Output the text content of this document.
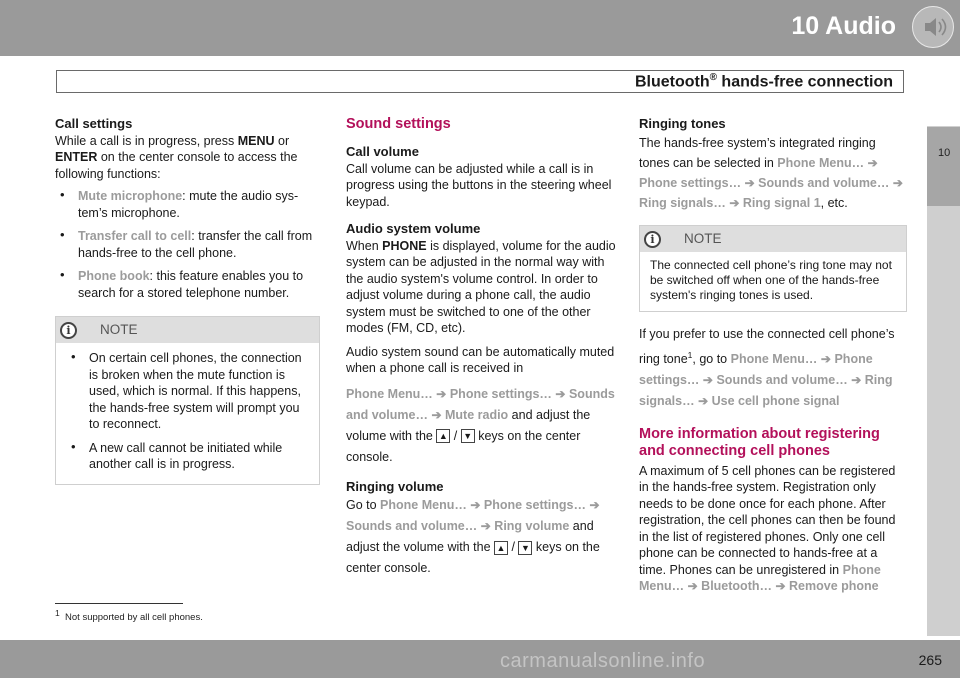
10 Audio
Bluetooth® hands-free connection
10
Call settings

While a call is in progress, press MENU or ENTER on the center console to access the following functions:

• Mute microphone: mute the audio sys-tem’s microphone.
• Transfer call to cell: transfer the call from hands-free to the cell phone.
• Phone book: this feature enables you to search for a stored telephone number.
i	NOTE
• On certain cell phones, the connection is broken when the mute function is used, which is normal. If this happens, the hands-free system will prompt you to reconnect.
• A new call cannot be initiated while another call is in progress.
Sound settings
Call volume

Call volume can be adjusted while a call is in progress using the buttons in the steering wheel keypad.

Audio system volume

When PHONE is displayed, volume for the audio system can be adjusted in the normal way with the audio system's volume control. In order to adjust volume during a phone call, the audio system must be switched to one of the other modes (FM, CD, etc).

Audio system sound can be automatically muted when a phone call is received in

Phone Menu… ➔ Phone settings… ➔ Sounds and volume… ➔ Mute radio and adjust the volume with the ▲ / ▼ keys on the center console.

Ringing volume

Go to Phone Menu… ➔ Phone settings… ➔ Sounds and volume… ➔ Ring volume and adjust the volume with the ▲ / ▼ keys on the center console.

Ringing tones

The hands-free system’s integrated ringing tones can be selected in Phone Menu… ➔ Phone settings… ➔ Sounds and volume… ➔ Ring signals… ➔ Ring signal 1, etc.

i	NOTE

The connected cell phone’s ring tone may not be switched off when one of the hands-free system's ringing tones is used.

If you prefer to use the connected cell phone’s ring tone$^1$, go to Phone Menu… ➔ Phone settings… ➔ Sounds and volume… ➔ Ring signals… ➔ Use cell phone signal

More information about registering and connecting cell phones

A maximum of 5 cell phones can be registered in the hands-free system. Registration only needs to be done once for each phone. After registration, the cell phones can then be found in the list of registered phones. Only one cell phone can be connected to hands-free at a time. Phones can be unregistered in Phone Menu… ➔ Bluetooth… ➔ Remove phone

$^1$ Not supported by all cell phones.
carmanualsonline.info	265
